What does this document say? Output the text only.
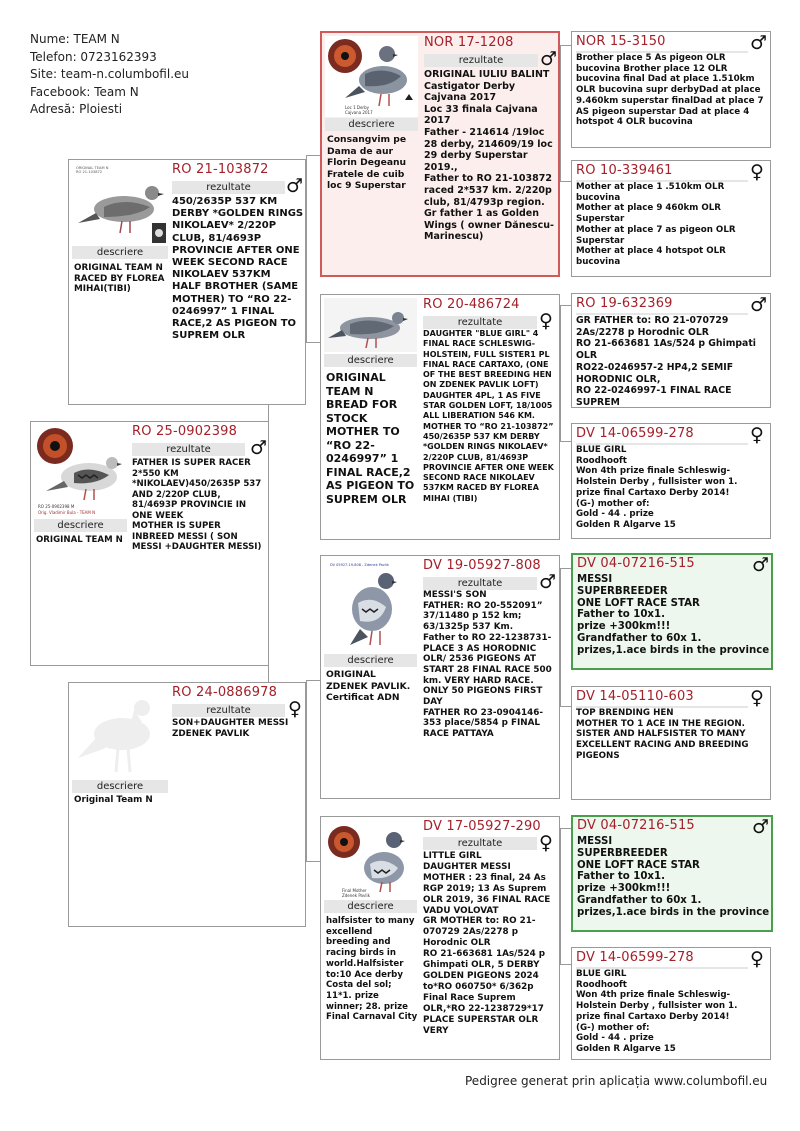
Nume: TEAM N
Telefon: 0723162393
Site: team-n.columbofil.eu
Facebook: Team N
Adresă: Ploiesti
RO 25-0902398 M
Orig. Vladimir Bula - TEAM N
RO 25-0902398
rezultate	♂
FATHER IS SUPER RACER 2*550 KM *NIKOLAEV)450/2635P 537 AND 2/220P CLUB, 81/4693P PROVINCIE IN ONE WEEK
MOTHER IS SUPER INBREED MESSI ( SON MESSI +DAUGHTER MESSI)
descriere
ORIGINAL TEAM N
ORIGINAL TEAM N
RO 21-103872	RO 21-103872
rezultate	♂
450/2635P 537 KM DERBY *GOLDEN RINGS NIKOLAEV* 2/220P CLUB, 81/4693P PROVINCIE AFTER ONE WEEK SECOND RACE NIKOLAEV 537KM
HALF BROTHER (SAME MOTHER) TO “RO 22-0246997” 1 FINAL RACE,2 AS PIGEON TO SUPREM OLR
descriere
ORIGINAL TEAM N
RACED BY FLOREA MIHAI(TIBI)
RO 24-0886978
rezultate	♀
SON+DAUGHTER MESSI ZDENEK PAVLIK
descriere
Original Team N
Loc 1 Derby
Cajvana 2017
NOR 17-1208
rezultate	♂
ORIGINAL IULIU BALINT Castigator Derby Cajvana 2017
Loc 33 finala Cajvana 2017
Father - 214614 /19loc 28 derby, 214609/19 loc 29 derby Superstar 2019.,
Father to RO 21-103872 raced 2*537 km. 2/220p club, 81/4793p region.
Gr father 1 as Golden Wings ( owner Dănescu-Marinescu)
descriere
Consangvim pe Dama de aur Florin Degeanu Fratele de cuib loc 9 Superstar
RO 20-486724
rezultate	♀
DAUGHTER "BLUE GIRL" 4 FINAL RACE SCHLESWIG-HOLSTEIN, FULL SISTER1 PL FINAL RACE CARTAXO, (ONE OF THE BEST BREEDING HEN ON ZDENEK PAVLIK LOFT) DAUGHTER 4PL, 1 AS FIVE STAR GOLDEN LOFT, 18/1005 ALL LIBERATION 546 KM. MOTHER TO “RO 21-103872” 450/2635P 537 KM DERBY *GOLDEN RINGS NIKOLAEV* 2/220P CLUB, 81/4693P PROVINCIE AFTER ONE WEEK SECOND RACE NIKOLAEV 537KM RACED BY FLOREA MIHAI (TIBI)
descriere
ORIGINAL TEAM N BREAD FOR STOCK MOTHER TO “RO 22-0246997” 1 FINAL RACE,2 AS PIGEON TO SUPREM OLR
DV 05927-19-808 - Zdenek Pavlik	DV 19-05927-808
rezultate	♂
MESSI'S SON
FATHER: RO 20-552091” 37/11480 p 152 km; 63/1325p 537 Km.
Father to RO 22-1238731-PLACE 3 AS HORODNIC OLR/ 2536 PIGEONS AT START 28 FINAL RACE 500 km. VERY HARD RACE. ONLY 50 PIGEONS FIRST DAY
FATHER RO 23-0904146- 353 place/5854 p FINAL RACE PATTAYA
descriere
ORIGINAL ZDENEK PAVLIK. Certificat ADN
Final Mother
Zdenek Pavlik
DV 17-05927-290
rezultate	♀
LITTLE GIRL
DAUGHTER MESSI
MOTHER : 23 final, 24 As RGP 2019; 13 As Suprem OLR 2019, 36 FINAL RACE VADU VOLOVAT
GR MOTHER to: RO 21-070729 2As/2278 p Horodnic OLR
RO 21-663681 1As/524 p Ghimpati OLR, 5 DERBY GOLDEN PIGEONS 2024
to*RO 060750* 6/362p Final Race Suprem OLR,*RO 22-1238729*17 PLACE SUPERSTAR OLR VERY
descriere
halfsister to many excellend breeding and racing birds in world.Halfsister to:10 Ace derby Costa del sol; 11*1. prize winner; 28. prize Final Carnaval City
NOR 15-3150	♂
Brother place 5 As pigeon OLR bucovina Brother place 12 OLR bucovina final Dad at place 1.510km OLR bucovina supr derbyDad at place 9.460km superstar finalDad at place 7 AS pigeon superstar Dad at place 4 hotspot 4 OLR bucovina
RO 10-339461	♀
Mother at place 1 .510km OLR bucovina
Mother at place 9 460km OLR Superstar
Mother at place 7 as pigeon OLR Superstar
Mother at place 4 hotspot OLR bucovina
RO 19-632369	♂
GR FATHER to: RO 21-070729 2As/2278 p Horodnic OLR
RO 21-663681 1As/524 p Ghimpati OLR
RO22-0246957-2 HP4,2 SEMIF HORODNIC OLR,
RO 22-0246997-1 FINAL RACE SUPREM
DV 14-06599-278	♀
BLUE GIRL
Roodhooft
Won 4th prize finale Schleswig-Holstein Derby , fullsister won 1.
prize final Cartaxo Derby 2014!
(G-) mother of:
Gold - 44 . prize
Golden R Algarve 15
DV 04-07216-515	♂
MESSI
SUPERBREEDER
ONE LOFT RACE STAR
Father to 10x1.
prize +300km!!!
Grandfather to 60x 1.
prizes,1.ace birds in the province
DV 14-05110-603	♀
TOP BRENDING HEN
MOTHER TO 1 ACE IN THE REGION. SISTER AND HALFSISTER TO MANY EXCELLENT RACING AND BREEDING PIGEONS
DV 04-07216-515	♂
MESSI
SUPERBREEDER
ONE LOFT RACE STAR
Father to 10x1.
prize +300km!!!
Grandfather to 60x 1.
prizes,1.ace birds in the province
DV 14-06599-278	♀
BLUE GIRL
Roodhooft
Won 4th prize finale Schleswig-Holstein Derby , fullsister won 1.
prize final Cartaxo Derby 2014!
(G-) mother of:
Gold - 44 . prize
Golden R Algarve 15
Pedigree generat prin aplicația www.columbofil.eu
